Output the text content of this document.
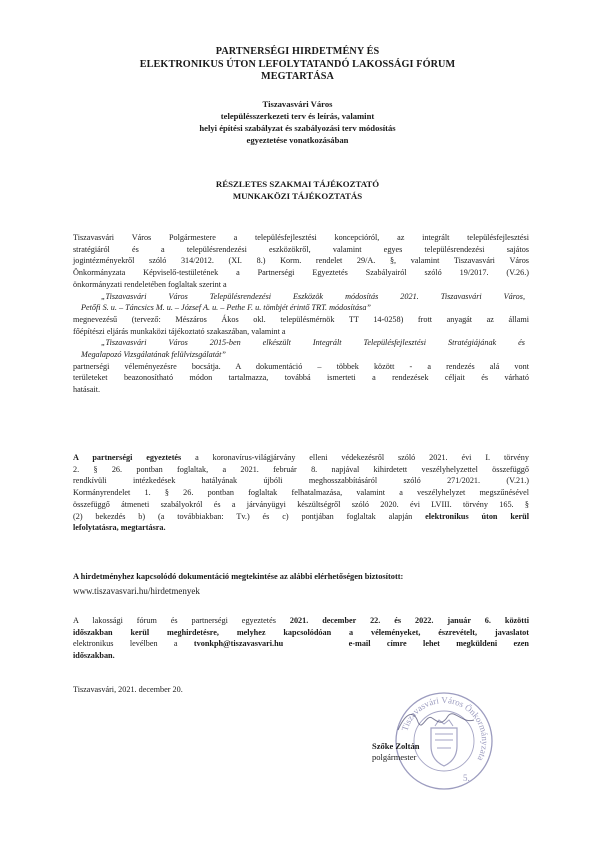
PARTNERSÉGI HIRDETMÉNY ÉS
ELEKTRONIKUS ÚTON LEFOLYTATANDÓ LAKOSSÁGI FÓRUM
MEGTARTÁSA
Tiszavasvári Város
településszerkezeti terv és leírás, valamint
helyi építési szabályzat és szabályozási terv módosítás
egyeztetése vonatkozásában
RÉSZLETES SZAKMAI TÁJÉKOZTATÓ
MUNKAKÖZI TÁJÉKOZTATÁS
Tiszavasvári Város Polgármestere a településfejlesztési koncepcióról, az integrált településfejlesztési
stratégiáról és a településrendezési eszközökről, valamint egyes településrendezési sajátos
jogintézményekről szóló 314/2012. (XI. 8.) Korm. rendelet 29/A. §, valamint Tiszavasvári Város
Önkormányzata Képviselő-testületének a Partnerségi Egyeztetés Szabályairól szóló 19/2017. (V.26.)
önkormányzati rendeletében foglaltak szerint a
„Tiszavasvári Város Településrendezési Eszközök módosítás 2021. Tiszavasvári Város,
Petőfi S. u. – Táncsics M. u. – József A. u. – Pethe F. u. tömbjét érintő TRT. módosítása”
megnevezésű (tervező: Mészáros Ákos okl. településmérnök TT 14-0258) frott anyagát az állami
főépítészi eljárás munkaközi tájékoztató szakaszában, valamint a
„Tiszavasvári Város 2015-ben elkészült Integrált Településfejlesztési Stratégiájának és
Megalapozó Vizsgálatának felülvizsgálatát”
partnerségi véleményezésre bocsátja. A dokumentáció – többek között - a rendezés alá vont
területeket beazonosítható módon tartalmazza, továbbá ismerteti a rendezések céljait és várható
hatásait.
A partnerségi egyeztetés a koronavírus-világjárvány elleni védekezésről szóló 2021. évi I. törvény
2. § 26. pontban foglaltak, a 2021. február 8. napjával kihirdetett veszélyhelyzettel összefüggő
rendkívüli intézkedések hatályának újbóli meghosszabbításáról szóló 271/2021. (V.21.)
Kormányrendelet 1. § 26. pontban foglaltak felhatalmazása, valamint a veszélyhelyzet megszűnésével
összefüggő átmeneti szabályokról és a járványügyi készültségről szóló 2020. évi LVIII. törvény 165. §
(2) bekezdés b) (a továbbiakban: Tv.) és c) pontjában foglaltak alapján elektronikus úton kerül
lefolytatásra, megtartásra.
A hirdetményhez kapcsolódó dokumentáció megtekintése az alábbi elérhetőségen biztosított:
www.tiszavasvari.hu/hirdetmenyek
A lakossági fórum és partnerségi egyeztetés 2021. december 22. és 2022. január 6. közötti
időszakban kerül meghirdetésre, melyhez kapcsolódóan a véleményeket, észrevételt, javaslatot
elektronikus levélben a tvonkph@tiszavasvari.hu	e-mail címre lehet megküldeni ezen
időszakban.
Tiszavasvári, 2021. december 20.
Tiszavasvári Város Önkormányzata
5.
Szőke Zoltán
polgármester
